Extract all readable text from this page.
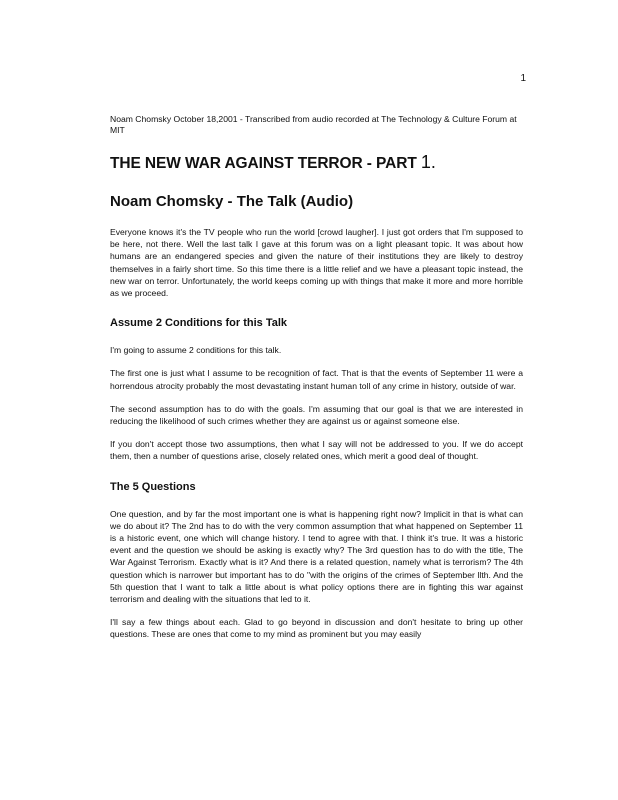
1

Noam Chomsky October 18,2001 - Transcribed from audio recorded at The Technology & Culture Forum at MIT

THE NEW WAR AGAINST TERROR - PART 1.
Noam Chomsky - The Talk (Audio)

Everyone knows it's the TV people who run the world [crowd laugher]. I just got orders that I'm supposed to be here, not there. Well the last talk I gave at this forum was on a light pleasant topic. It was about how humans are an endangered species and given the nature of their institutions they are likely to destroy themselves in a fairly short time. So this time there is a little relief and we have a pleasant topic instead, the new war on terror. Unfortunately, the world keeps coming up with things that make it more and more horrible as we proceed.

Assume 2 Conditions for this Talk

I'm going to assume 2 conditions for this talk.

The first one is just what I assume to be recognition of fact. That is that the events of September 11 were a horrendous atrocity probably the most devastating instant human toll of any crime in history, outside of war.

The second assumption has to do with the goals. I'm assuming that our goal is that we are interested in reducing the likelihood of such crimes whether they are against us or against someone else.

If you don't accept those two assumptions, then what I say will not be addressed to you. If we do accept them, then a number of questions arise, closely related ones, which merit a good deal of thought.

The 5 Questions

One question, and by far the most important one is what is happening right now? Implicit in that is what can we do about it? The 2nd has to do with the very common assumption that what happened on September 11 is a historic event, one which will change history. I tend to agree with that. I think it's true. It was a historic event and the question we should be asking is exactly why? The 3rd question has to do with the title, The War Against Terrorism. Exactly what is it? And there is a related question, namely what is terrorism? The 4th question which is narrower but important has to do "with the origins of the crimes of September llth. And the 5th question that I want to talk a little about is what policy options there are in fighting this war against terrorism and dealing with the situations that led to it.

I'll say a few things about each. Glad to go beyond in discussion and don't hesitate to bring up other questions. These are ones that come to my mind as prominent but you may easily
